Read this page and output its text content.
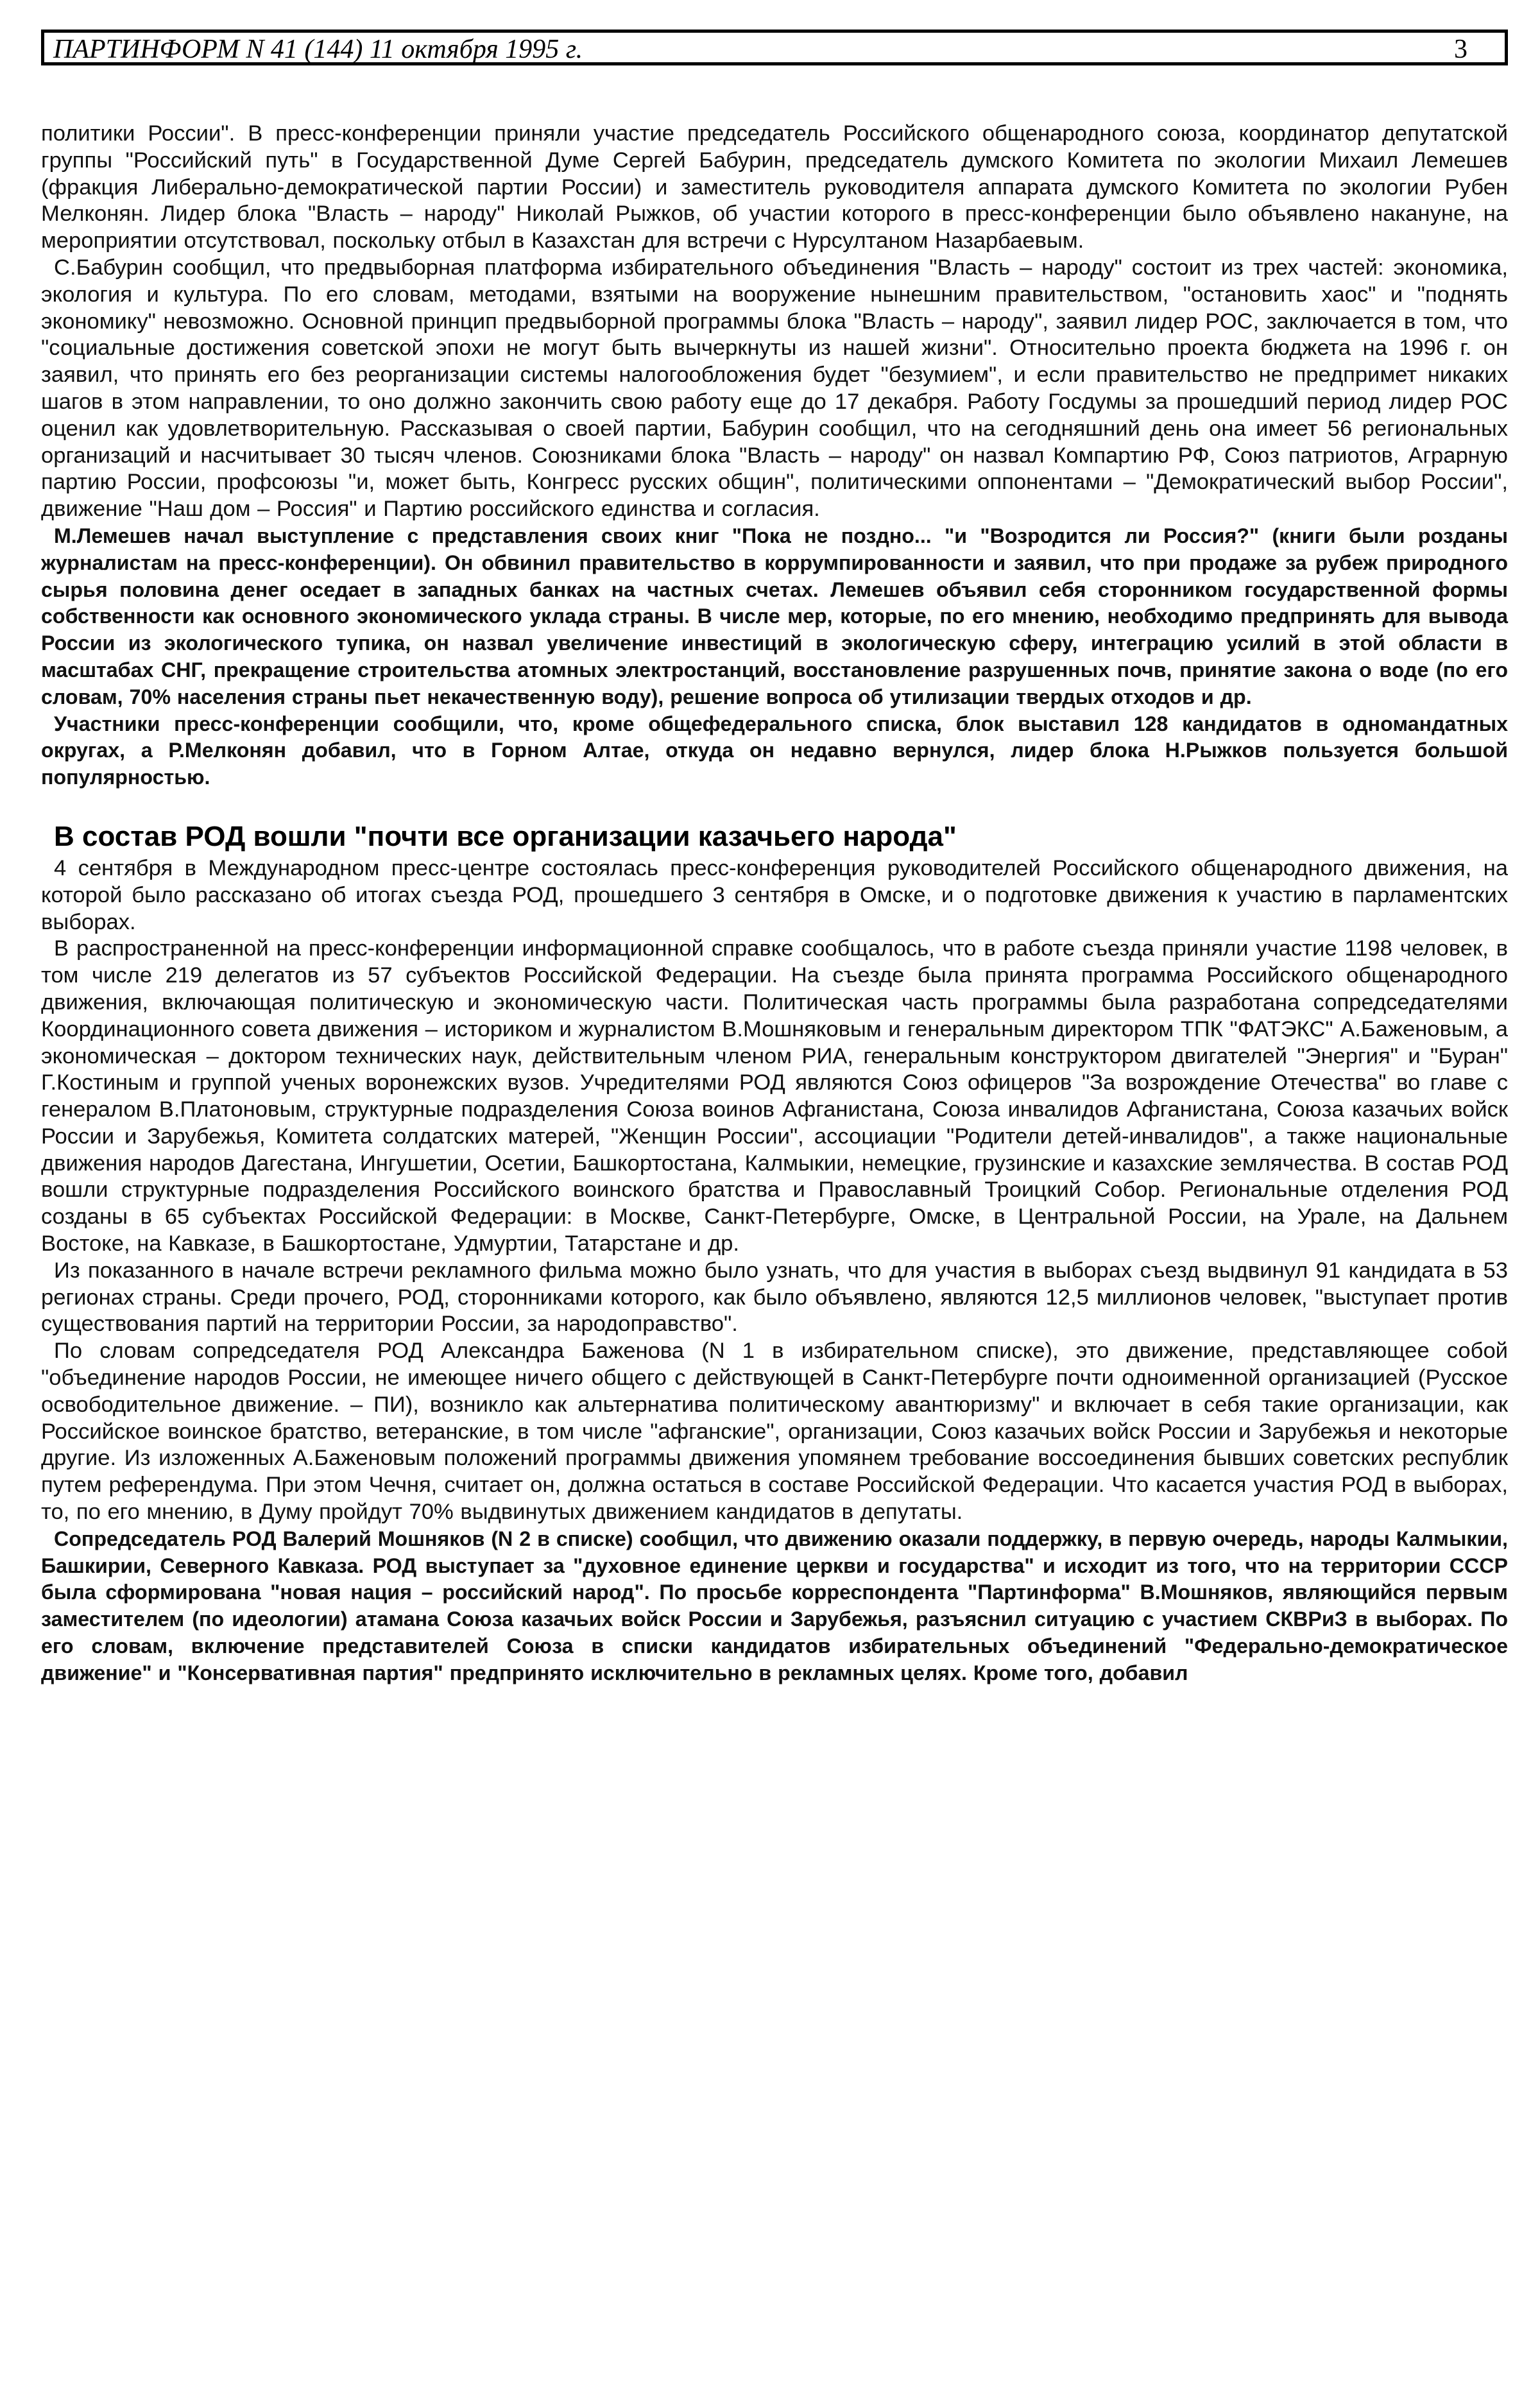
ПАРТИНФОРМ N 41 (144) 11 октября 1995 г.	3

политики России". В пресс-конференции приняли участие председатель Российского общенародного союза, координатор депутатской группы "Российский путь" в Государственной Думе Сергей Бабурин, председатель думского Комитета по экологии Михаил Лемешев (фракция Либерально-демократической партии России) и заместитель руководителя аппарата думского Комитета по экологии Рубен Мелконян. Лидер блока "Власть – народу" Николай Рыжков, об участии которого в пресс-конференции было объявлено накануне, на мероприятии отсутствовал, поскольку отбыл в Казахстан для встречи с Нурсултаном Назарбаевым.

С.Бабурин сообщил, что предвыборная платформа избирательного объединения "Власть – народу" состоит из трех частей: экономика, экология и культура. По его словам, методами, взятыми на вооружение нынешним правительством, "остановить хаос" и "поднять экономику" невозможно. Основной принцип предвыборной программы блока "Власть – народу", заявил лидер РОС, заключается в том, что "социальные достижения советской эпохи не могут быть вычеркнуты из нашей жизни". Относительно проекта бюджета на 1996 г. он заявил, что принять его без реорганизации системы налогообложения будет "безумием", и если правительство не предпримет никаких шагов в этом направлении, то оно должно закончить свою работу еще до 17 декабря. Работу Госдумы за прошедший период лидер РОС оценил как удовлетворительную. Рассказывая о своей партии, Бабурин сообщил, что на сегодняшний день она имеет 56 региональных организаций и насчитывает 30 тысяч членов. Союзниками блока "Власть – народу" он назвал Компартию РФ, Союз патриотов, Аграрную партию России, профсоюзы "и, может быть, Конгресс русских общин", политическими оппонентами – "Демократический выбор России", движение "Наш дом – Россия" и Партию российского единства и согласия.

М.Лемешев начал выступление с представления своих книг "Пока не поздно... "и "Возродится ли Россия?" (книги были розданы журналистам на пресс-конференции). Он обвинил правительство в коррумпированности и заявил, что при продаже за рубеж природного сырья половина денег оседает в западных банках на частных счетах. Лемешев объявил себя сторонником государственной формы собственности как основного экономического уклада страны. В числе мер, которые, по его мнению, необходимо предпринять для вывода России из экологического тупика, он назвал увеличение инвестиций в экологическую сферу, интеграцию усилий в этой области в масштабах СНГ, прекращение строительства атомных электростанций, восстановление разрушенных почв, принятие закона о воде (по его словам, 70% населения страны пьет некачественную воду), решение вопроса об утилизации твердых отходов и др.

Участники пресс-конференции сообщили, что, кроме общефедерального списка, блок выставил 128 кандидатов в одномандатных округах, а Р.Мелконян добавил, что в Горном Алтае, откуда он недавно вернулся, лидер блока Н.Рыжков пользуется большой популярностью.

В состав РОД вошли "почти все организации казачьего народа"

4 сентября в Международном пресс-центре состоялась пресс-конференция руководителей Российского общенародного движения, на которой было рассказано об итогах съезда РОД, прошедшего 3 сентября в Омске, и о подготовке движения к участию в парламентских выборах.

В распространенной на пресс-конференции информационной справке сообщалось, что в работе съезда приняли участие 1198 человек, в том числе 219 делегатов из 57 субъектов Российской Федерации. На съезде была принята программа Российского общенародного движения, включающая политическую и экономическую части. Политическая часть программы была разработана сопредседателями Координационного совета движения – историком и журналистом В.Мошняковым и генеральным директором ТПК "ФАТЭКС" А.Баженовым, а экономическая – доктором технических наук, действительным членом РИА, генеральным конструктором двигателей "Энергия" и "Буран" Г.Костиным и группой ученых воронежских вузов. Учредителями РОД являются Союз офицеров "За возрождение Отечества" во главе с генералом В.Платоновым, структурные подразделения Союза воинов Афганистана, Союза инвалидов Афганистана, Союза казачьих войск России и Зарубежья, Комитета солдатских матерей, "Женщин России", ассоциации "Родители детей-инвалидов", а также национальные движения народов Дагестана, Ингушетии, Осетии, Башкортостана, Калмыкии, немецкие, грузинские и казахские землячества. В состав РОД вошли структурные подразделения Российского воинского братства и Православный Троицкий Собор. Региональные отделения РОД созданы в 65 субъектах Российской Федерации: в Москве, Санкт-Петербурге, Омске, в Центральной России, на Урале, на Дальнем Востоке, на Кавказе, в Башкортостане, Удмуртии, Татарстане и др.

Из показанного в начале встречи рекламного фильма можно было узнать, что для участия в выборах съезд выдвинул 91 кандидата в 53 регионах страны. Среди прочего, РОД, сторонниками которого, как было объявлено, являются 12,5 миллионов человек, "выступает против существования партий на территории России, за народоправство".

По словам сопредседателя РОД Александра Баженова (N 1 в избирательном списке), это движение, представляющее собой "объединение народов России, не имеющее ничего общего с действующей в Санкт-Петербурге почти одноименной организацией (Русское освободительное движение. – ПИ), возникло как альтернатива политическому авантюризму" и включает в себя такие организации, как Российское воинское братство, ветеранские, в том числе "афганские", организации, Союз казачьих войск России и Зарубежья и некоторые другие. Из изложенных А.Баженовым положений программы движения упомянем требование воссоединения бывших советских республик путем референдума. При этом Чечня, считает он, должна остаться в составе Российской Федерации. Что касается участия РОД в выборах, то, по его мнению, в Думу пройдут 70% выдвинутых движением кандидатов в депутаты.

Сопредседатель РОД Валерий Мошняков (N 2 в списке) сообщил, что движению оказали поддержку, в первую очередь, народы Калмыкии, Башкирии, Северного Кавказа. РОД выступает за "духовное единение церкви и государства" и исходит из того, что на территории СССР была сформирована "новая нация – российский народ". По просьбе корреспондента "Партинформа" В.Мошняков, являющийся первым заместителем (по идеологии) атамана Союза казачьих войск России и Зарубежья, разъяснил ситуацию с участием СКВРиЗ в выборах. По его словам, включение представителей Союза в списки кандидатов избирательных объединений "Федерально-демократическое движение" и "Консервативная партия" предпринято исключительно в рекламных целях. Кроме того, добавил
